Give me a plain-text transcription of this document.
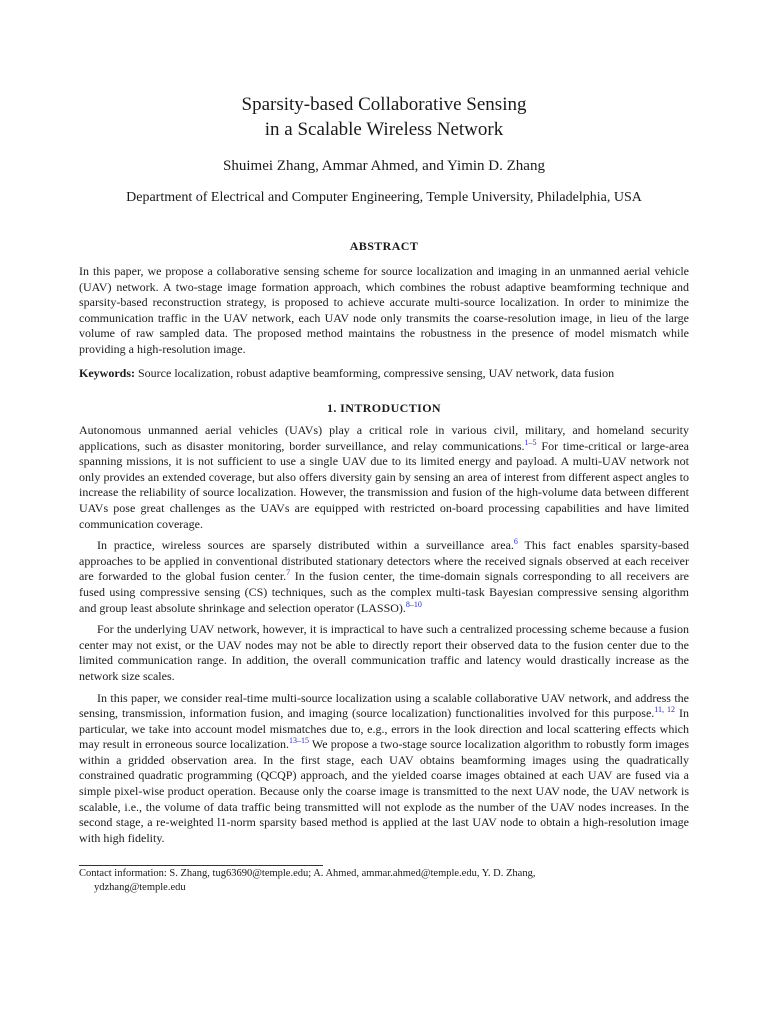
Sparsity-based Collaborative Sensing
in a Scalable Wireless Network
Shuimei Zhang, Ammar Ahmed, and Yimin D. Zhang
Department of Electrical and Computer Engineering, Temple University, Philadelphia, USA
ABSTRACT

In this paper, we propose a collaborative sensing scheme for source localization and imaging in an unmanned aerial vehicle (UAV) network. A two-stage image formation approach, which combines the robust adaptive beamforming technique and sparsity-based reconstruction strategy, is proposed to achieve accurate multi-source localization. In order to minimize the communication traffic in the UAV network, each UAV node only transmits the coarse-resolution image, in lieu of the large volume of raw sampled data. The proposed method maintains the robustness in the presence of model mismatch while providing a high-resolution image.

Keywords: Source localization, robust adaptive beamforming, compressive sensing, UAV network, data fusion

1. INTRODUCTION

Autonomous unmanned aerial vehicles (UAVs) play a critical role in various civil, military, and homeland security applications, such as disaster monitoring, border surveillance, and relay communications.$^{1-5}$ For time-critical or large-area spanning missions, it is not sufficient to use a single UAV due to its limited energy and payload. A multi-UAV network not only provides an extended coverage, but also offers diversity gain by sensing an area of interest from different aspect angles to increase the reliability of source localization. However, the transmission and fusion of the high-volume data between different UAVs pose great challenges as the UAVs are equipped with restricted on-board processing capabilities and have limited communication coverage.

In practice, wireless sources are sparsely distributed within a surveillance area.$^6$ This fact enables sparsity-based approaches to be applied in conventional distributed stationary detectors where the received signals observed at each receiver are forwarded to the global fusion center.$^7$ In the fusion center, the time-domain signals corresponding to all receivers are fused using compressive sensing (CS) techniques, such as the complex multi-task Bayesian compressive sensing algorithm and group least absolute shrinkage and selection operator (LASSO).$^{8-10}$

For the underlying UAV network, however, it is impractical to have such a centralized processing scheme because a fusion center may not exist, or the UAV nodes may not be able to directly report their observed data to the fusion center due to the limited communication range. In addition, the overall communication traffic and latency would drastically increase as the network size scales.

In this paper, we consider real-time multi-source localization using a scalable collaborative UAV network, and address the sensing, transmission, information fusion, and imaging (source localization) functionalities involved for this purpose.$^{11, 12}$ In particular, we take into account model mismatches due to, e.g., errors in the look direction and local scattering effects which may result in erroneous source localization.$^{13-15}$ We propose a two-stage source localization algorithm to robustly form images within a gridded observation area. In the first stage, each UAV obtains beamforming images using the quadratically constrained quadratic programming (QCQP) approach, and the yielded coarse images obtained at each UAV are fused via a simple pixel-wise product operation. Because only the coarse image is transmitted to the next UAV node, the UAV network is scalable, i.e., the volume of data traffic being transmitted will not explode as the number of the UAV nodes increases. In the second stage, a re-weighted l1-norm sparsity based method is applied at the last UAV node to obtain a high-resolution image with high fidelity.

Contact information: S. Zhang, tug63690@temple.edu; A. Ahmed, ammar.ahmed@temple.edu, Y. D. Zhang,
ydzhang@temple.edu
